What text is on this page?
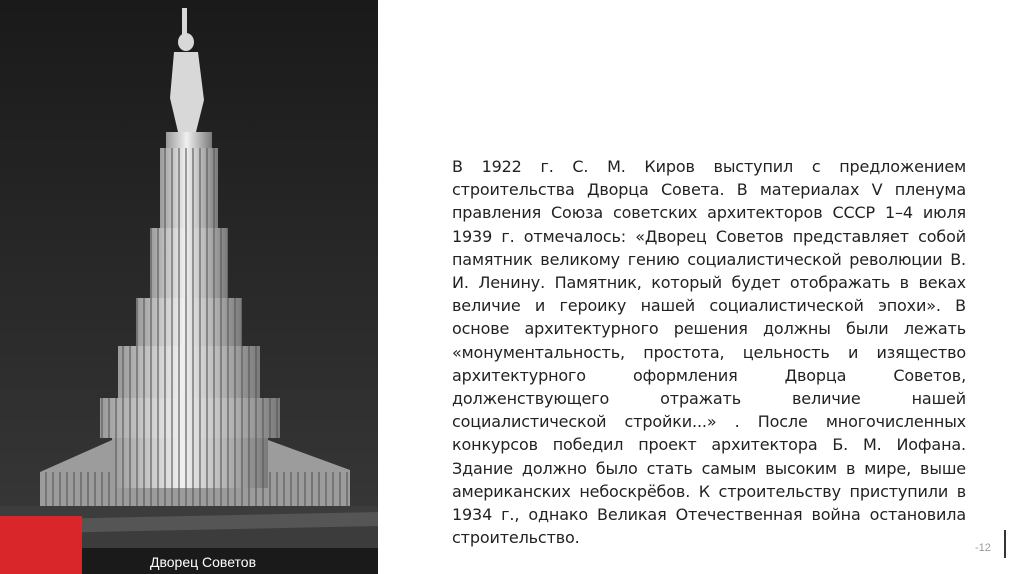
Дворец Советов
В 1922 г. С. М. Киров выступил с предложением строительства Дворца Совета. В материалах V пленума правления Союза советских архитекторов СССР 1–4 июля 1939 г. отмечалось: «Дворец Советов представляет собой памятник великому гению социалистической революции В. И. Ленину. Памятник, который будет отображать в веках величие и героику нашей социалистической эпохи». В основе архитектурного решения должны были лежать «монументальность, простота, цельность и изящество архитектурного оформления Дворца Советов, долженствующего отражать величие нашей социалистической стройки...» . После многочисленных конкурсов победил проект архитектора Б. М. Иофана. Здание должно было стать самым высоким в мире, выше американских небоскрёбов. К строительству приступили в 1934 г., однако Великая Отечественная война остановила строительство.
-12
